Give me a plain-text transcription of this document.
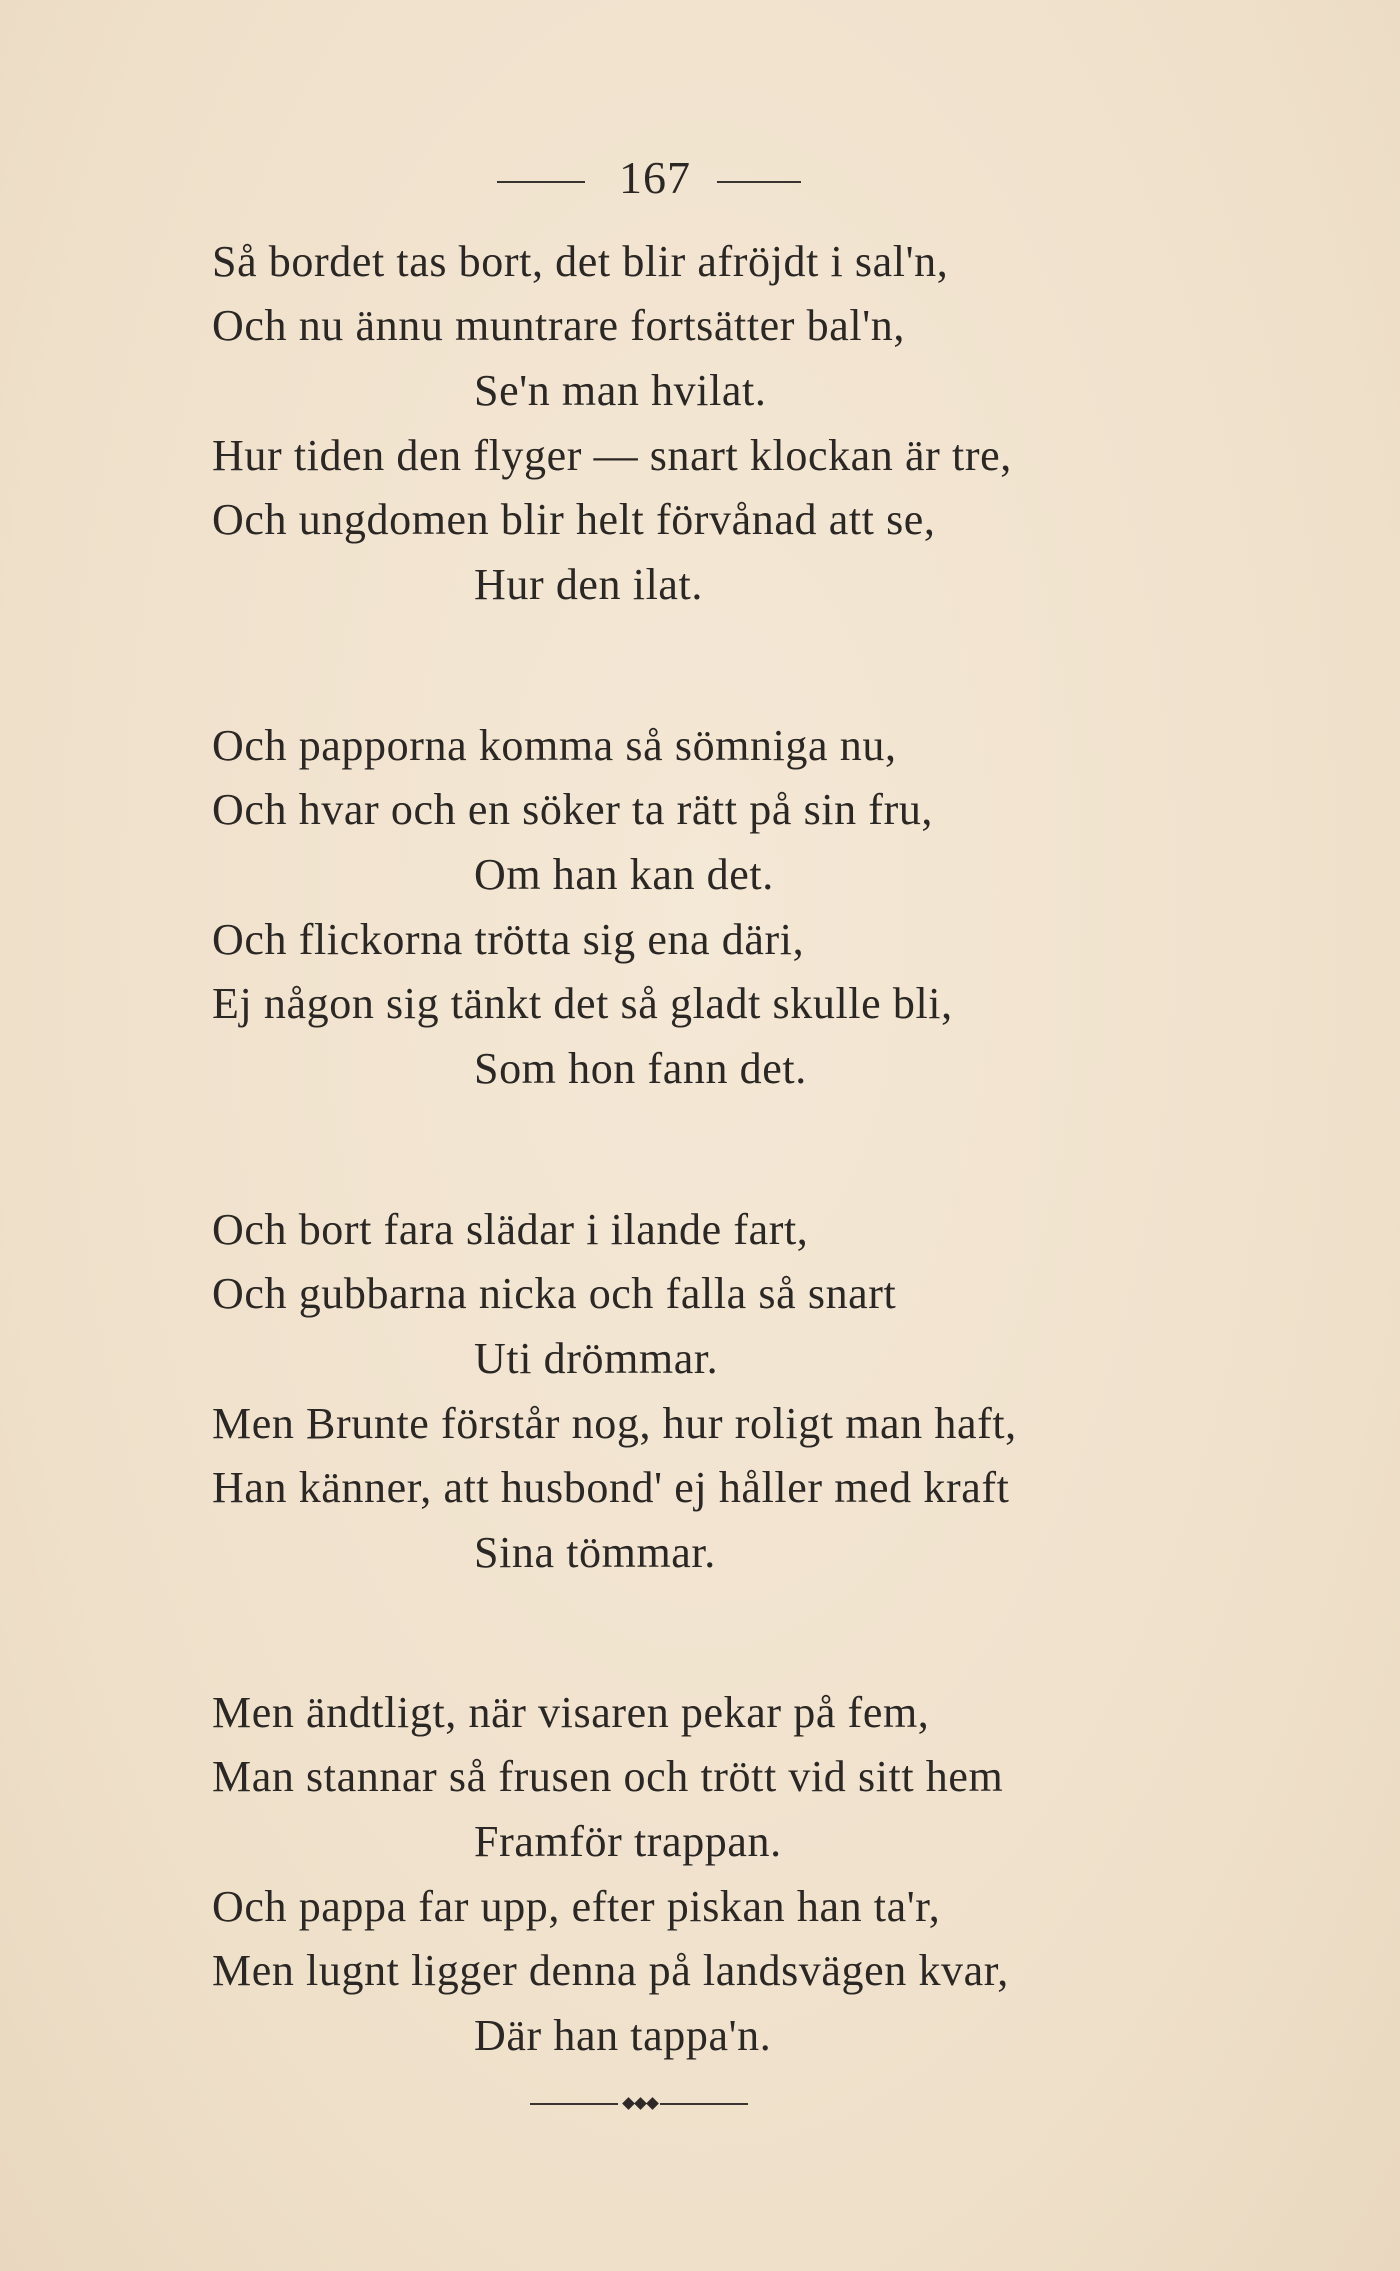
167
Så bordet tas bort, det blir afröjdt i sal'n,
Och nu ännu muntrare fortsätter bal'n,
Se'n man hvilat.
Hur tiden den flyger — snart klockan är tre,
Och ungdomen blir helt förvånad att se,
Hur den ilat.
Och papporna komma så sömniga nu,
Och hvar och en söker ta rätt på sin fru,
Om han kan det.
Och flickorna trötta sig ena däri,
Ej någon sig tänkt det så gladt skulle bli,
Som hon fann det.
Och bort fara slädar i ilande fart,
Och gubbarna nicka och falla så snart
Uti drömmar.
Men Brunte förstår nog, hur roligt man haft,
Han känner, att husbond' ej håller med kraft
Sina tömmar.
Men ändtligt, när visaren pekar på fem,
Man stannar så frusen och trött vid sitt hem
Framför trappan.
Och pappa far upp, efter piskan han ta'r,
Men lugnt ligger denna på landsvägen kvar,
Där han tappa'n.
